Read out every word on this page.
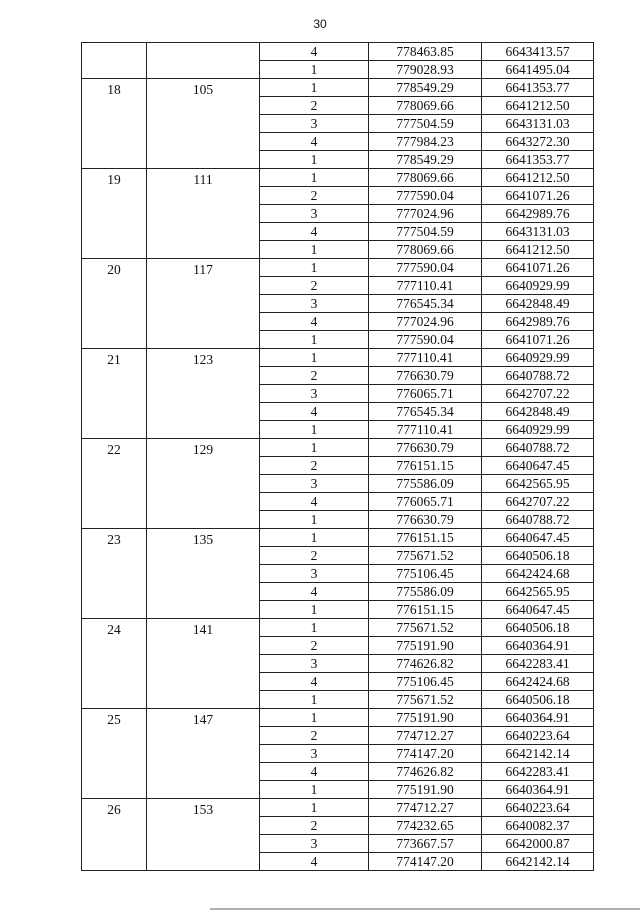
30
		4	778463.85	6643413.57
		1	779028.93	6641495.04
18	105	1	778549.29	6641353.77
		2	778069.66	6641212.50
		3	777504.59	6643131.03
		4	777984.23	6643272.30
		1	778549.29	6641353.77
19	111	1	778069.66	6641212.50
		2	777590.04	6641071.26
		3	777024.96	6642989.76
		4	777504.59	6643131.03
		1	778069.66	6641212.50
20	117	1	777590.04	6641071.26
		2	777110.41	6640929.99
		3	776545.34	6642848.49
		4	777024.96	6642989.76
		1	777590.04	6641071.26
21	123	1	777110.41	6640929.99
		2	776630.79	6640788.72
		3	776065.71	6642707.22
		4	776545.34	6642848.49
		1	777110.41	6640929.99
22	129	1	776630.79	6640788.72
		2	776151.15	6640647.45
		3	775586.09	6642565.95
		4	776065.71	6642707.22
		1	776630.79	6640788.72
23	135	1	776151.15	6640647.45
		2	775671.52	6640506.18
		3	775106.45	6642424.68
		4	775586.09	6642565.95
		1	776151.15	6640647.45
24	141	1	775671.52	6640506.18
		2	775191.90	6640364.91
		3	774626.82	6642283.41
		4	775106.45	6642424.68
		1	775671.52	6640506.18
25	147	1	775191.90	6640364.91
		2	774712.27	6640223.64
		3	774147.20	6642142.14
		4	774626.82	6642283.41
		1	775191.90	6640364.91
26	153	1	774712.27	6640223.64
		2	774232.65	6640082.37
		3	773667.57	6642000.87
		4	774147.20	6642142.14
